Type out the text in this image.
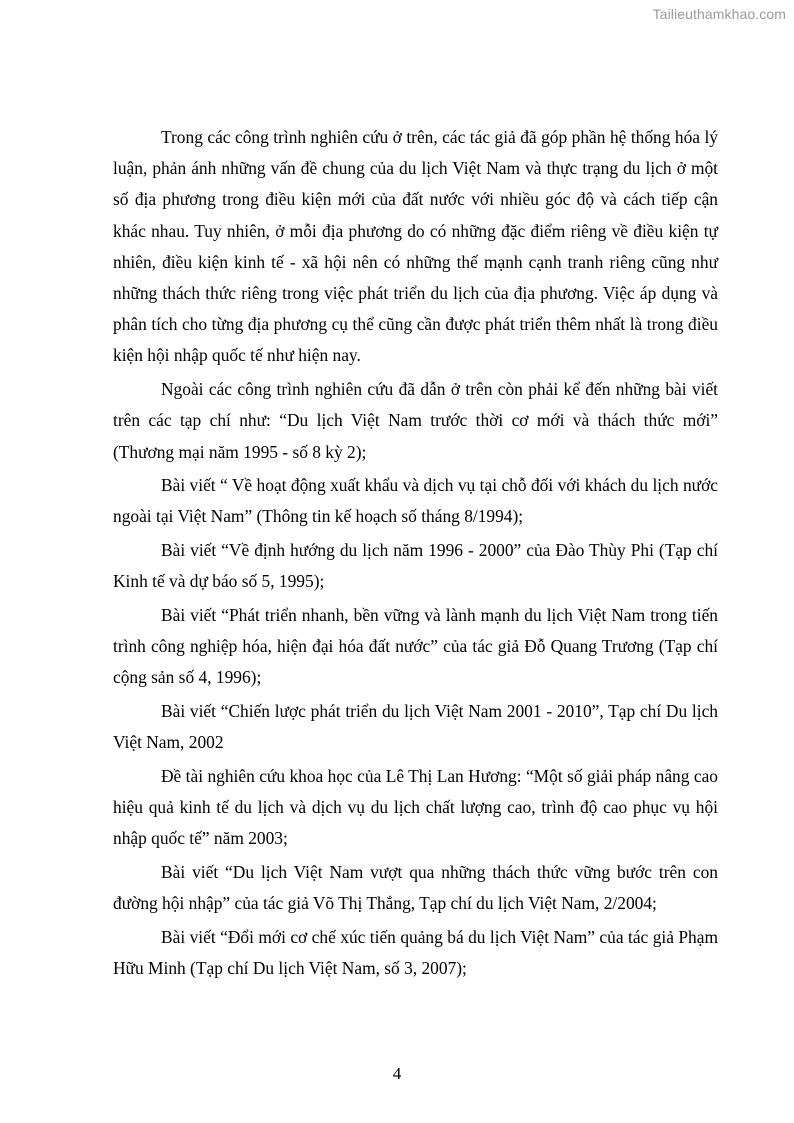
Tailieuthamkhao.com

Trong các công trình nghiên cứu ở trên, các tác giả đã góp phần hệ thống hóa lý luận, phản ánh những vấn đề chung của du lịch Việt Nam và thực trạng du lịch ở một số địa phương trong điều kiện mới của đất nước với nhiều góc độ và cách tiếp cận khác nhau. Tuy nhiên, ở mỗi địa phương do có những đặc điểm riêng về điều kiện tự nhiên, điều kiện kinh tế - xã hội nên có những thế mạnh cạnh tranh riêng cũng như những thách thức riêng trong việc phát triển du lịch của địa phương. Việc áp dụng và phân tích cho từng địa phương cụ thể cũng cần được phát triển thêm nhất là trong điều kiện hội nhập quốc tế như hiện nay.

Ngoài các công trình nghiên cứu đã dẫn ở trên còn phải kể đến những bài viết trên các tạp chí như: “Du lịch Việt Nam trước thời cơ mới và thách thức mới” (Thương mại năm 1995 - số 8 kỳ 2);

Bài viết “ Về hoạt động xuất khẩu và dịch vụ tại chỗ đối với khách du lịch nước ngoài tại Việt Nam” (Thông tin kế hoạch số tháng 8/1994);

Bài viết “Về định hướng du lịch năm 1996 - 2000” của Đào Thùy Phi (Tạp chí Kinh tế và dự báo số 5, 1995);

Bài viết “Phát triển nhanh, bền vững và lành mạnh du lịch Việt Nam trong tiến trình công nghiệp hóa, hiện đại hóa đất nước” của tác giả Đỗ Quang Trương (Tạp chí cộng sản số 4, 1996);

Bài viết “Chiến lược phát triển du lịch Việt Nam 2001 - 2010”, Tạp chí Du lịch Việt Nam, 2002

Đề tài nghiên cứu khoa học của Lê Thị Lan Hương: “Một số giải pháp nâng cao hiệu quả kinh tế du lịch và dịch vụ du lịch chất lượng cao, trình độ cao phục vụ hội nhập quốc tế” năm 2003;

Bài viết “Du lịch Việt Nam vượt qua những thách thức vững bước trên con đường hội nhập” của tác giả Võ Thị Thắng, Tạp chí du lịch Việt Nam, 2/2004;

Bài viết “Đổi mới cơ chế xúc tiến quảng bá du lịch Việt Nam” của tác giả Phạm Hữu Minh (Tạp chí Du lịch Việt Nam, số 3, 2007);

4
